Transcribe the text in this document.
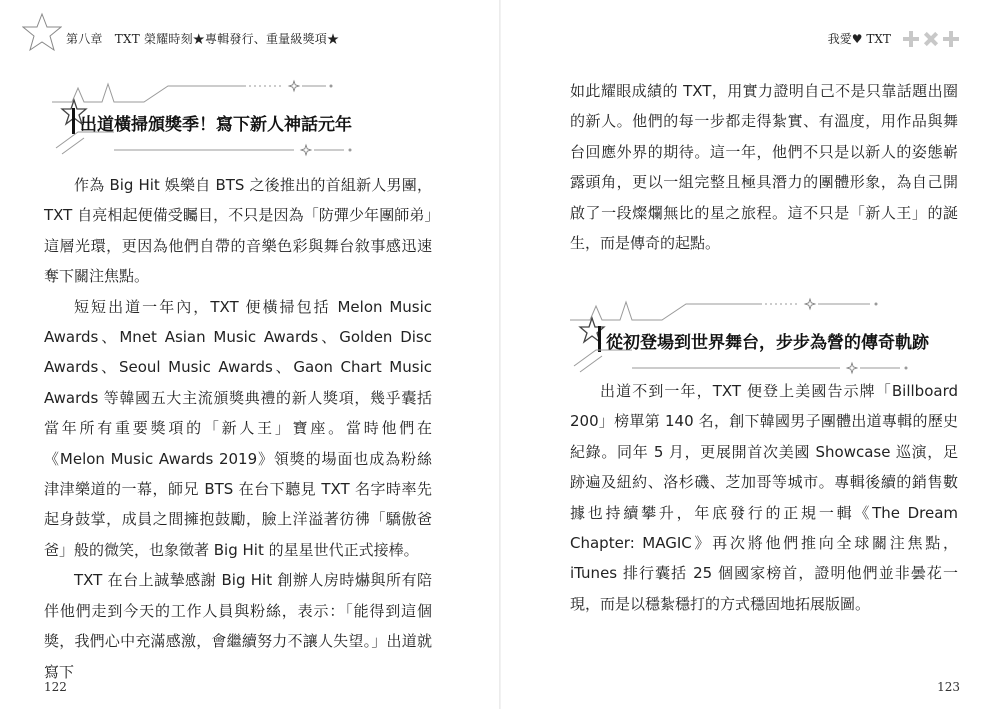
第八章　TXT 榮耀時刻★專輯發行、重量級獎項★
出道橫掃頒獎季！寫下新人神話元年

作為 Big Hit 娛樂自 BTS 之後推出的首組新人男團，TXT 自亮相起便備受矚目，不只是因為「防彈少年團師弟」這層光環，更因為他們自帶的音樂色彩與舞台敘事感迅速奪下關注焦點。

短短出道一年內，TXT 便橫掃包括 Melon Music Awards、Mnet Asian Music Awards、Golden Disc Awards、Seoul Music Awards、Gaon Chart Music Awards 等韓國五大主流頒獎典禮的新人獎項，幾乎囊括當年所有重要獎項的「新人王」寶座。當時他們在《Melon Music Awards 2019》領獎的場面也成為粉絲津津樂道的一幕，師兄 BTS 在台下聽見 TXT 名字時率先起身鼓掌，成員之間擁抱鼓勵，臉上洋溢著彷彿「驕傲爸爸」般的微笑，也象徵著 Big Hit 的星星世代正式接棒。

TXT 在台上誠摯感謝 Big Hit 創辦人房時爀與所有陪伴他們走到今天的工作人員與粉絲，表示：「能得到這個獎，我們心中充滿感激，會繼續努力不讓人失望。」出道就寫下

122
我愛♥ TXT

如此耀眼成績的 TXT，用實力證明自己不是只靠話題出圈的新人。他們的每一步都走得紮實、有溫度，用作品與舞台回應外界的期待。這一年，他們不只是以新人的姿態嶄露頭角，更以一組完整且極具潛力的團體形象，為自己開啟了一段燦爛無比的星之旅程。這不只是「新人王」的誕生，而是傳奇的起點。

從初登場到世界舞台，步步為營的傳奇軌跡

出道不到一年，TXT 便登上美國告示牌「Billboard 200」榜單第 140 名，創下韓國男子團體出道專輯的歷史紀錄。同年 5 月，更展開首次美國 Showcase 巡演，足跡遍及紐約、洛杉磯、芝加哥等城市。專輯後續的銷售數據也持續攀升，年底發行的正規一輯《The Dream Chapter: MAGIC》再次將他們推向全球關注焦點，iTunes 排行囊括 25 個國家榜首，證明他們並非曇花一現，而是以穩紮穩打的方式穩固地拓展版圖。

123
